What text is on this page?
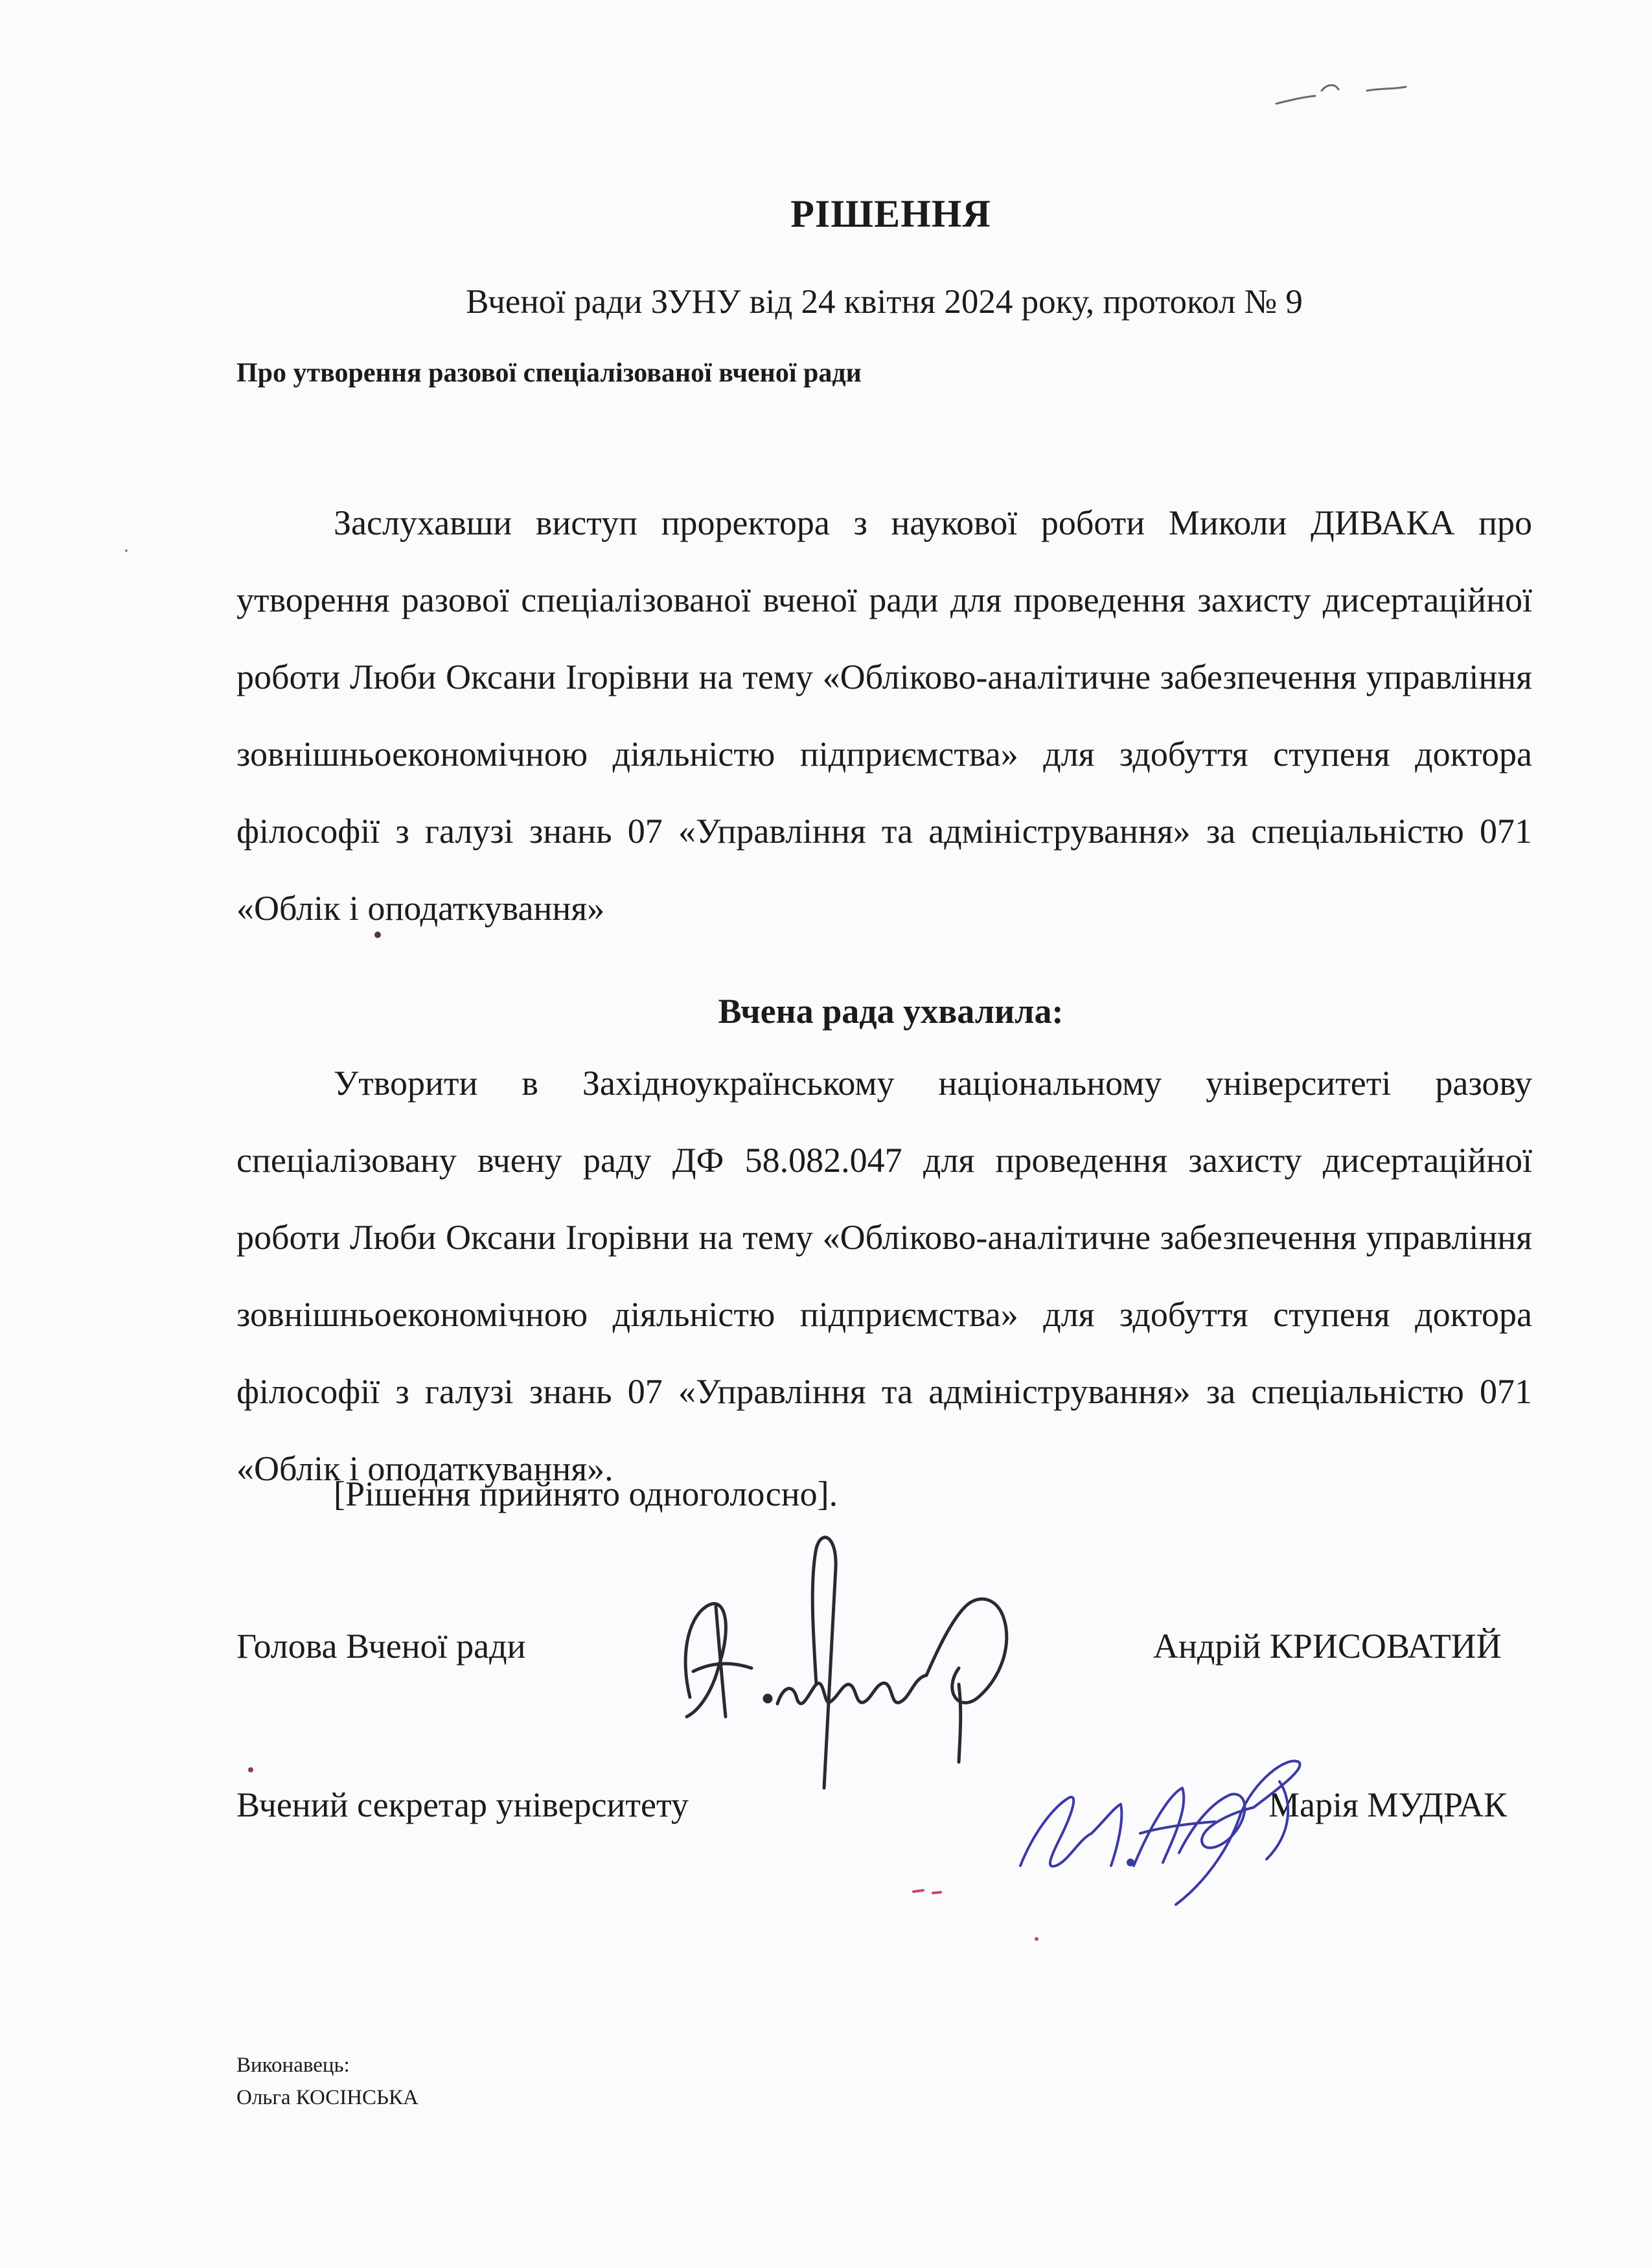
РІШЕННЯ

Вченої ради ЗУНУ від 24 квітня 2024 року, протокол № 9

Про утворення разової спеціалізованої вченої ради

Заслухавши виступ проректора з наукової роботи Миколи ДИВАКА про утворення разової спеціалізованої вченої ради для проведення захисту дисертаційної роботи Люби Оксани Ігорівни на тему «Обліково-аналітичне забезпечення управління зовнішньоекономічною діяльністю підприємства» для здобуття ступеня доктора філософії з галузі знань 07 «Управління та адміністрування» за спеціальністю 071 «Облік і оподаткування»

Вчена рада ухвалила:

Утворити в Західноукраїнському національному університеті разову спеціалізовану вчену раду ДФ 58.082.047 для проведення захисту дисертаційної роботи Люби Оксани Ігорівни на тему «Обліково-аналітичне забезпечення управління зовнішньоекономічною діяльністю підприємства» для здобуття ступеня доктора філософії з галузі знань 07 «Управління та адміністрування» за спеціальністю 071 «Облік і оподаткування».

[Рішення прийнято одноголосно].

Голова Вченої ради	Андрій КРИСОВАТИЙ

Вчений секретар університету	Марія МУДРАК

Виконавець:

Ольга КОСІНСЬКА
